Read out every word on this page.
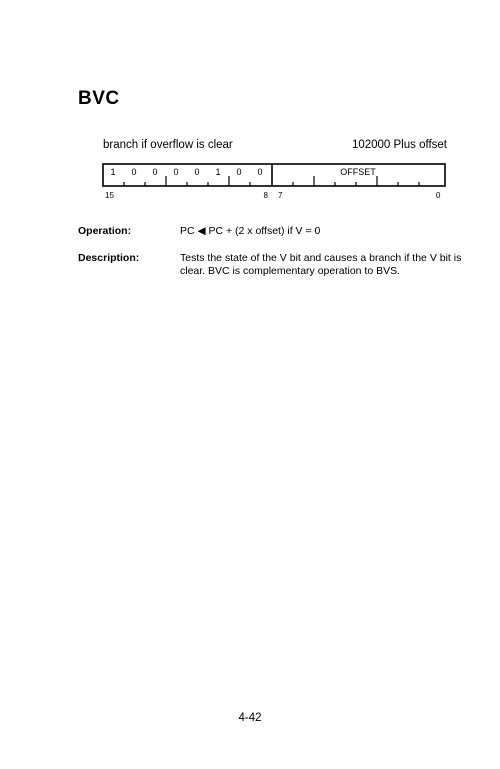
BVC
branch if overflow is clear	102000 Plus offset
1 0 0 0 0 1 0 0	OFFSET
15	8 7	0
Operation:	PC ◀ PC + (2 x offset) if V = 0
Description:	Tests the state of the V bit and causes a branch if the V bit is clear. BVC is complementary operation to BVS.
4-42
